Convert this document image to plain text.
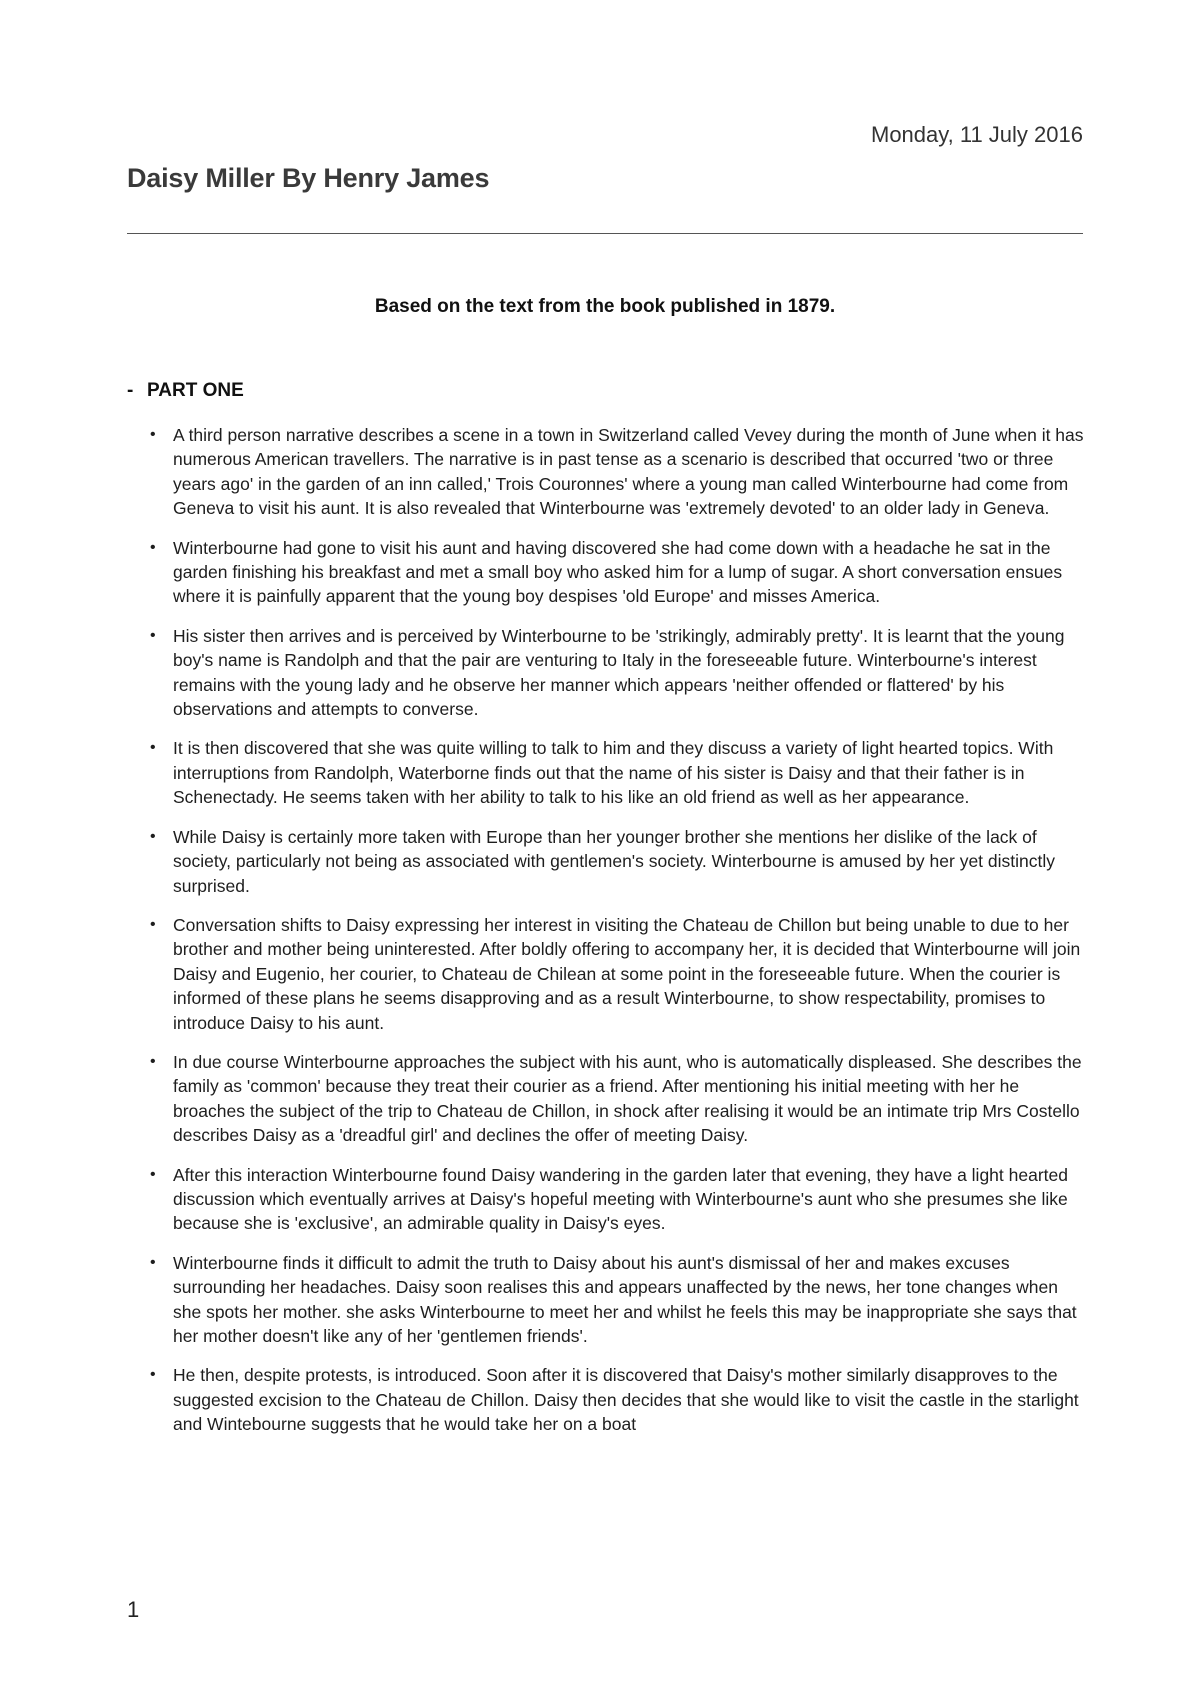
Monday, 11 July 2016
Daisy Miller By Henry James
Based on the text from the book published in 1879.
- PART ONE
• A third person narrative describes a scene in a town in Switzerland called Vevey during the month of June when it has numerous American travellers. The narrative is in past tense as a scenario is described that occurred 'two or three years ago' in the garden of an inn called,' Trois Couronnes' where a young man called Winterbourne had come from Geneva to visit his aunt. It is also revealed that Winterbourne was 'extremely devoted' to an older lady in Geneva.
• Winterbourne had gone to visit his aunt and having discovered she had come down with a headache he sat in the garden finishing his breakfast and met a small boy who asked him for a lump of sugar. A short conversation ensues where it is painfully apparent that the young boy despises 'old Europe' and misses America.
• His sister then arrives and is perceived by Winterbourne to be 'strikingly, admirably pretty'. It is learnt that the young boy's name is Randolph and that the pair are venturing to Italy in the foreseeable future. Winterbourne's interest remains with the young lady and he observe her manner which appears 'neither offended or flattered' by his observations and attempts to converse.
• It is then discovered that she was quite willing to talk to him and they discuss a variety of light hearted topics. With interruptions from Randolph, Waterborne finds out that the name of his sister is Daisy and that their father is in Schenectady. He seems taken with her ability to talk to his like an old friend as well as her appearance.
• While Daisy is certainly more taken with Europe than her younger brother she mentions her dislike of the lack of society, particularly not being as associated with gentlemen's society. Winterbourne is amused by her yet distinctly surprised.
• Conversation shifts to Daisy expressing her interest in visiting the Chateau de Chillon but being unable to due to her brother and mother being uninterested. After boldly offering to accompany her, it is decided that Winterbourne will join Daisy and Eugenio, her courier, to Chateau de Chilean at some point in the foreseeable future. When the courier is informed of these plans he seems disapproving and as a result Winterbourne, to show respectability, promises to introduce Daisy to his aunt.
• In due course Winterbourne approaches the subject with his aunt, who is automatically displeased. She describes the family as 'common' because they treat their courier as a friend. After mentioning his initial meeting with her he broaches the subject of the trip to Chateau de Chillon, in shock after realising it would be an intimate trip Mrs Costello describes Daisy as a 'dreadful girl' and declines the offer of meeting Daisy.
• After this interaction Winterbourne found Daisy wandering in the garden later that evening, they have a light hearted discussion which eventually arrives at Daisy's hopeful meeting with Winterbourne's aunt who she presumes she like because she is 'exclusive', an admirable quality in Daisy's eyes.
• Winterbourne finds it difficult to admit the truth to Daisy about his aunt's dismissal of her and makes excuses surrounding her headaches. Daisy soon realises this and appears unaffected by the news, her tone changes when she spots her mother. she asks Winterbourne to meet her and whilst he feels this may be inappropriate she says that her mother doesn't like any of her 'gentlemen friends'.
• He then, despite protests, is introduced. Soon after it is discovered that Daisy's mother similarly disapproves to the suggested excision to the Chateau de Chillon. Daisy then decides that she would like to visit the castle in the starlight and Wintebourne suggests that he would take her on a boat
1
